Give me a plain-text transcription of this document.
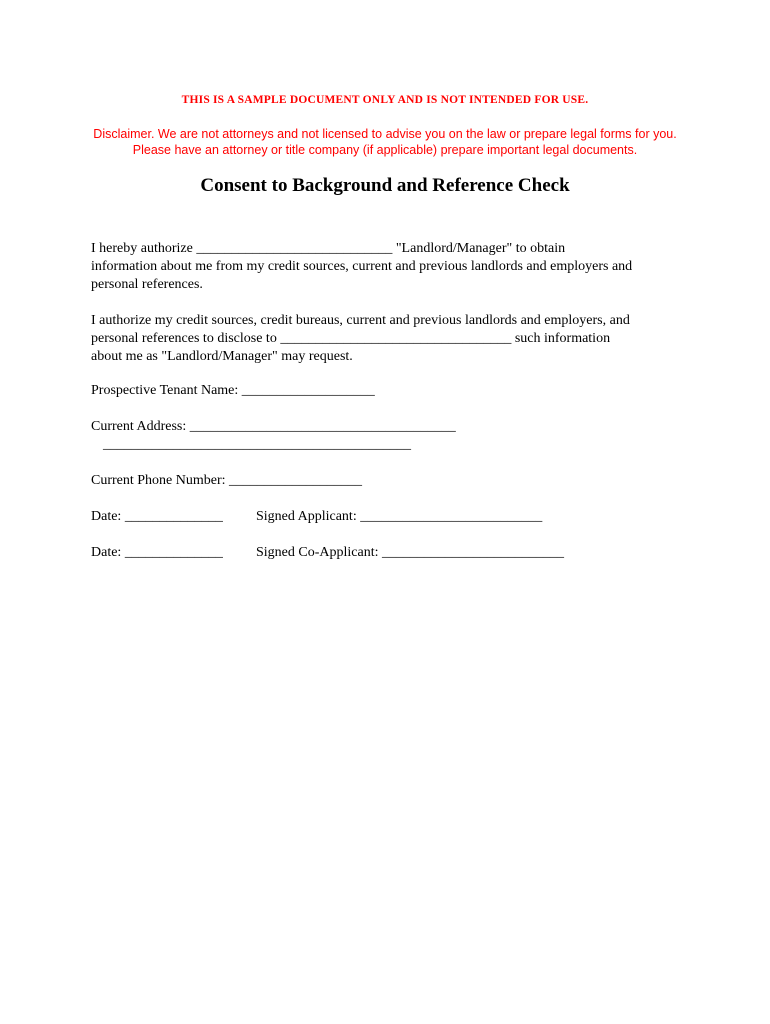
THIS IS A SAMPLE DOCUMENT ONLY AND IS NOT INTENDED FOR USE.
Disclaimer. We are not attorneys and not licensed to advise you on the law or prepare legal forms for you.
Please have an attorney or title company (if applicable) prepare important legal documents.
Consent to Background and Reference Check
I hereby authorize ____________________________ "Landlord/Manager" to obtain
information about me from my credit sources, current and previous landlords and employers and
personal references.
I authorize my credit sources, credit bureaus, current and previous landlords and employers, and
personal references to disclose to _________________________________ such information
about me as "Landlord/Manager" may request.
Prospective Tenant Name: ___________________
Current Address: ______________________________________
____________________________________________
Current Phone Number: ___________________
Date: ______________	Signed Applicant: __________________________
Date: ______________	Signed Co-Applicant: __________________________
